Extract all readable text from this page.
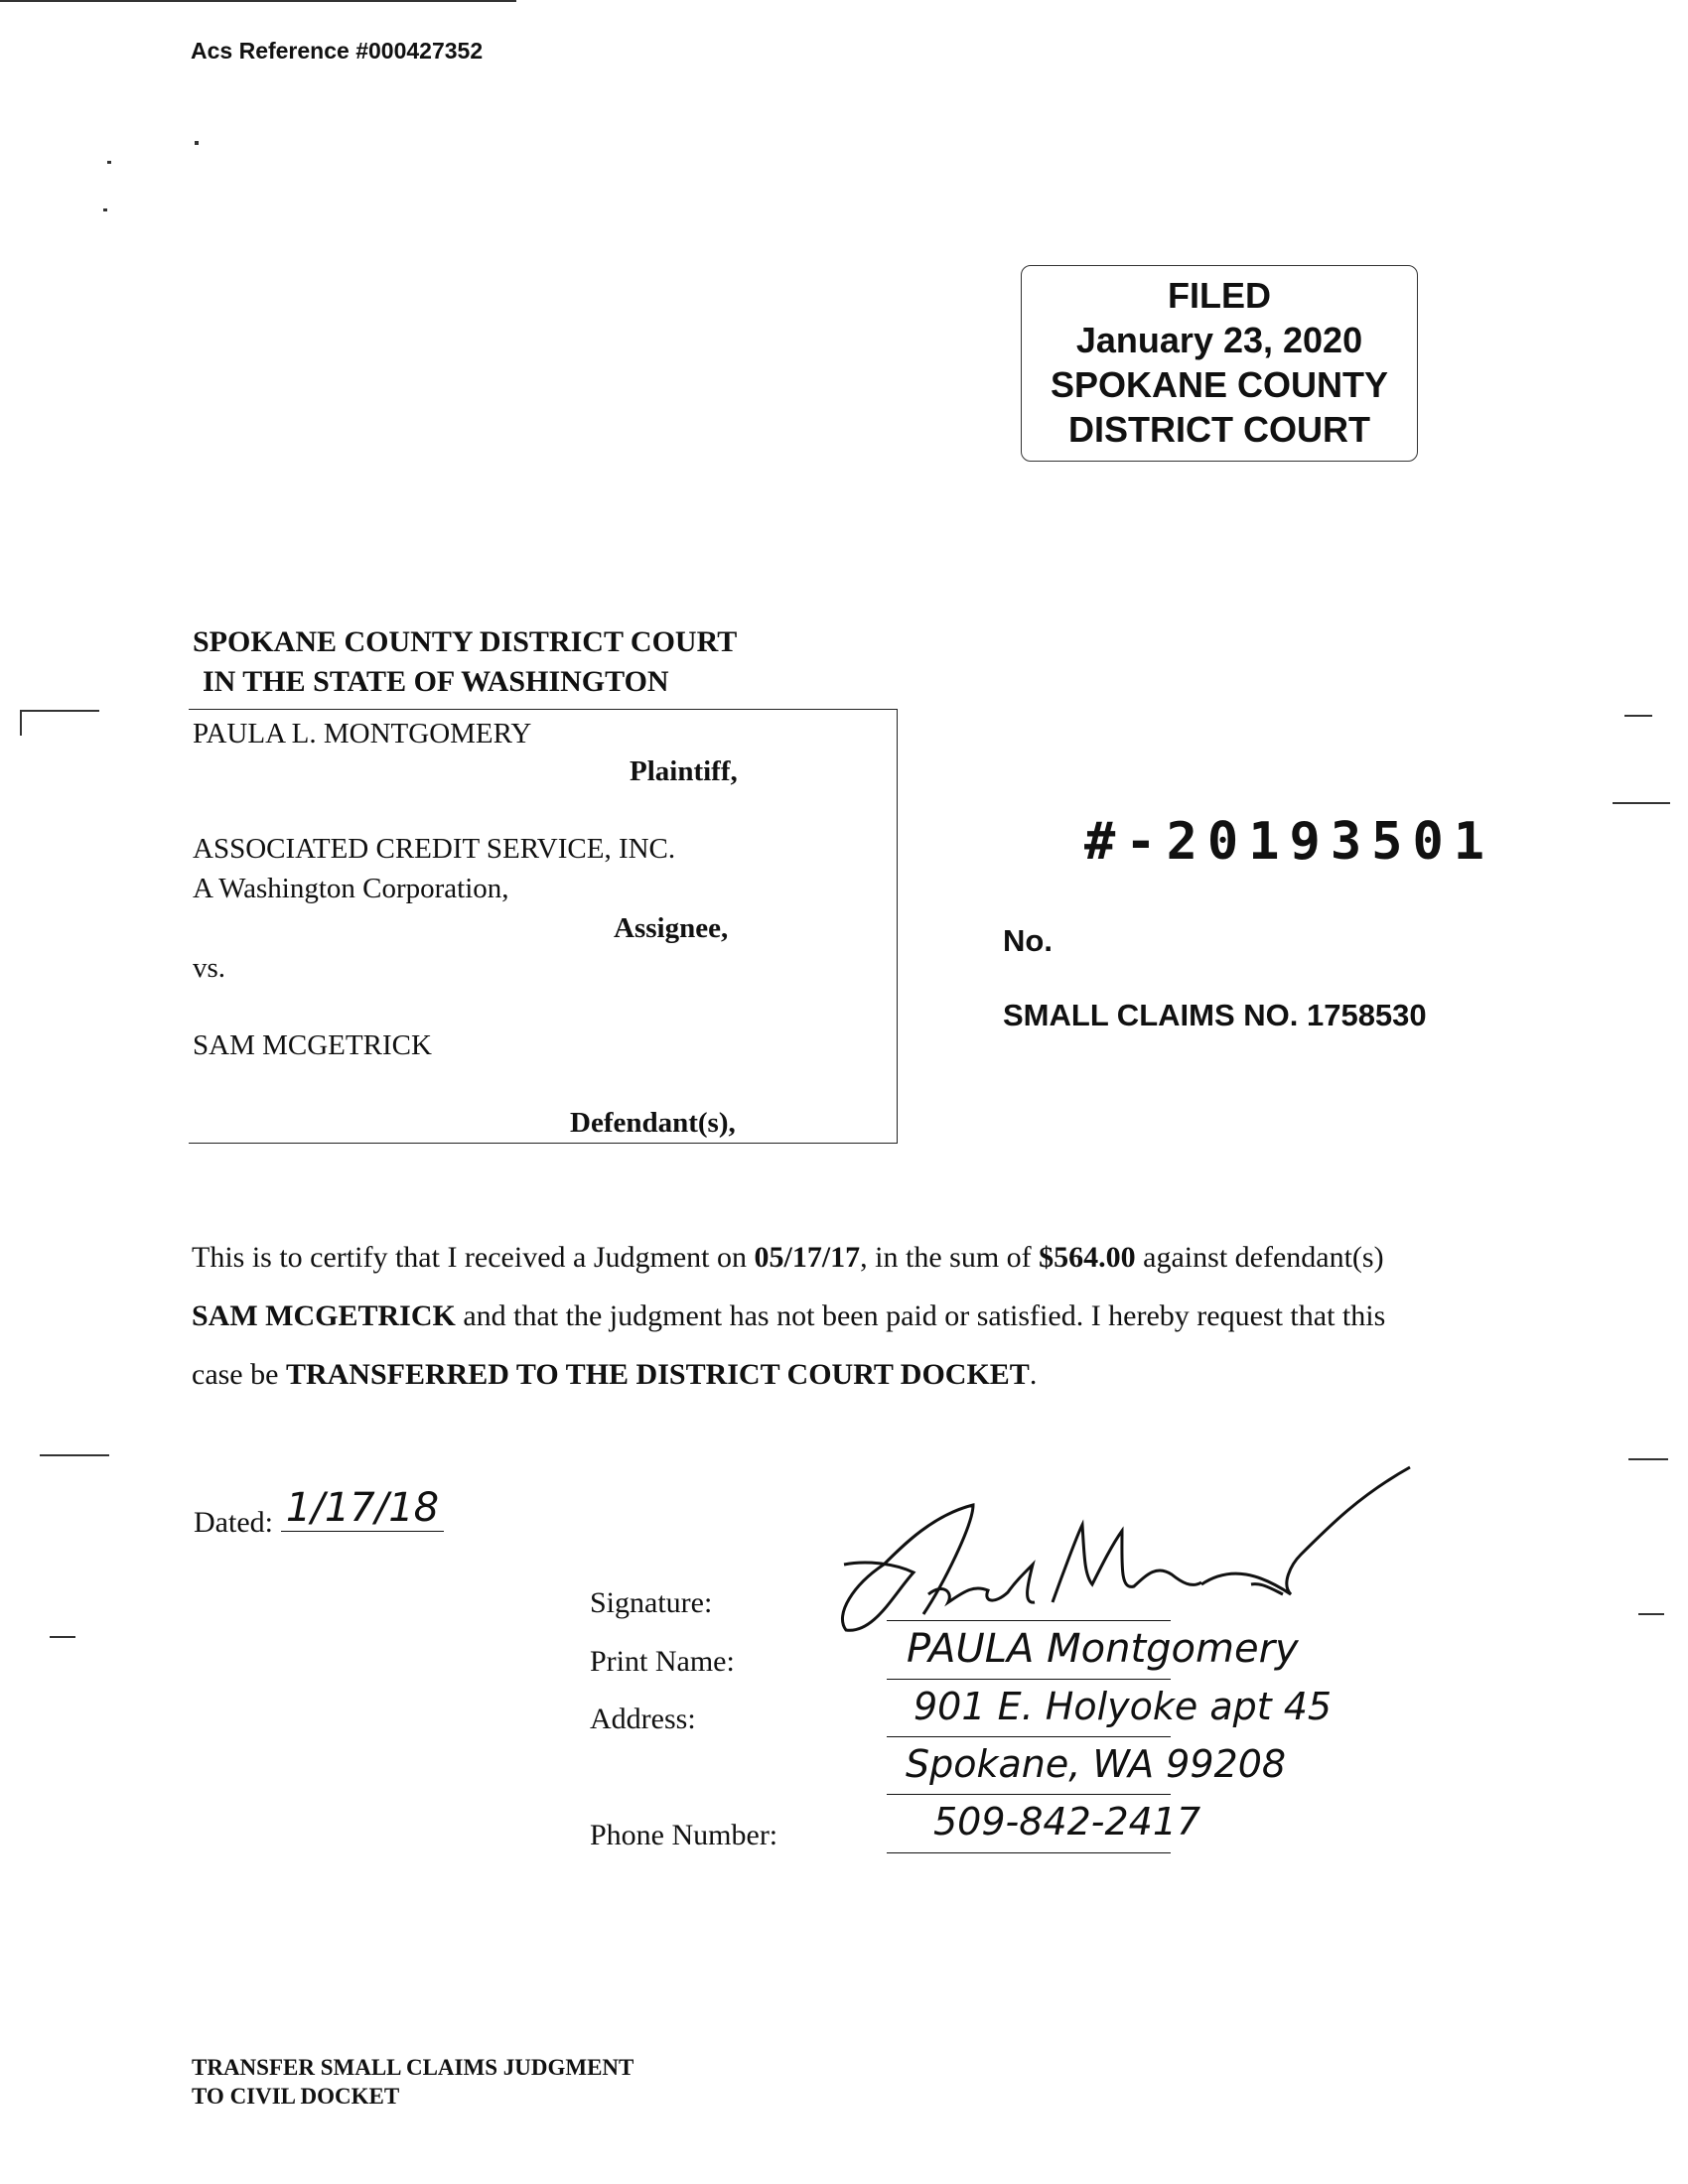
Acs Reference #000427352
FILED
January 23, 2020
SPOKANE COUNTY
DISTRICT COURT
SPOKANE COUNTY DISTRICT COURT
IN THE STATE OF WASHINGTON
PAULA L. MONTGOMERY
Plaintiff,
ASSOCIATED CREDIT SERVICE, INC.
A Washington Corporation,
Assignee,
vs.
SAM MCGETRICK
Defendant(s),
#-20193501
No.
SMALL CLAIMS NO. 1758530
This is to certify that I received a Judgment on 05/17/17, in the sum of $564.00 against defendant(s) SAM MCGETRICK and that the judgment has not been paid or satisfied. I hereby request that this case be TRANSFERRED TO THE DISTRICT COURT DOCKET.
Dated: 1/17/18
Signature:
Print Name:
Address:
Phone Number:
PAULA Montgomery
901 E. Holyoke apt 45
Spokane, WA 99208
509-842-2417
TRANSFER SMALL CLAIMS JUDGMENT
TO CIVIL DOCKET
